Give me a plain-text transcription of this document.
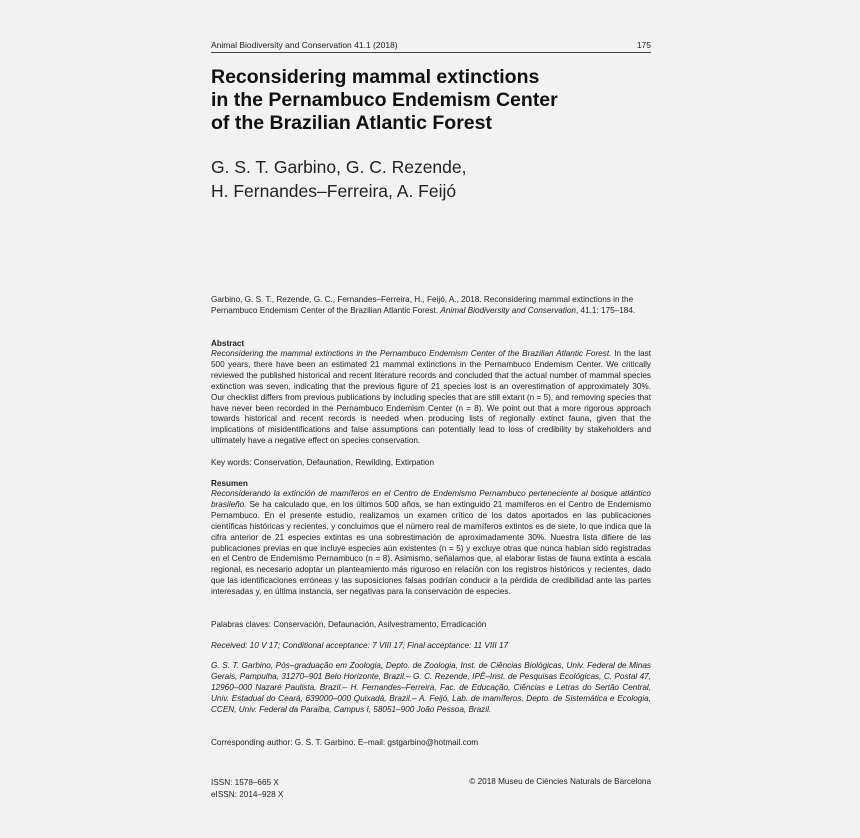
Animal Biodiversity and Conservation 41.1 (2018)	175
Reconsidering mammal extinctions
in the Pernambuco Endemism Center
of the Brazilian Atlantic Forest
G. S. T. Garbino, G. C. Rezende,
H. Fernandes–Ferreira, A. Feijó
Garbino, G. S. T., Rezende, G. C., Fernandes–Ferreira, H., Feijó, A., 2018. Reconsidering mammal extinctions in the Pernambuco Endemism Center of the Brazilian Atlantic Forest. Animal Biodiversity and Conservation, 41.1: 175–184.
Abstract

Reconsidering the mammal extinctions in the Pernambuco Endemism Center of the Brazilian Atlantic Forest. In the last 500 years, there have been an estimated 21 mammal extinctions in the Pernambuco Endemism Center. We critically reviewed the published historical and recent literature records and concluded that the actual number of mammal species extinction was seven, indicating that the previous figure of 21 species lost is an overestimation of approximately 30%. Our checklist differs from previous publications by including species that are still extant (n = 5), and removing species that have never been recorded in the Pernambuco Endemism Center (n = 8). We point out that a more rigorous approach towards historical and recent records is needed when producing lists of regionally extinct fauna, given that the implications of misidentifications and false assumptions can potentially lead to loss of credibility by stakeholders and ultimately have a negative effect on species conservation.

Key words: Conservation, Defaunation, Rewilding, Extirpation

Resumen

Reconsiderando la extinción de mamíferos en el Centro de Endemismo Pernambuco perteneciente al bosque atlántico brasileño. Se ha calculado que, en los últimos 500 años, se han extinguido 21 mamíferos en el Centro de Endemismo Pernambuco. En el presente estudio, realizamos un examen crítico de los datos aportados en las publicaciones científicas históricas y recientes, y concluimos que el número real de mamíferos extintos es de siete, lo que indica que la cifra anterior de 21 especies extintas es una sobrestimación de aproximadamente 30%. Nuestra lista difiere de las publicaciones previas en que incluye especies aún existentes (n = 5) y excluye otras que nunca habían sido registradas en el Centro de Endemismo Pernambuco (n = 8). Asimismo, señalamos que, al elaborar listas de fauna extinta a escala regional, es necesario adoptar un planteamiento más riguroso en relación con los registros históricos y recientes, dado que las identificaciones erróneas y las suposiciones falsas podrían conducir a la pérdida de credibilidad ante las partes interesadas y, en última instancia, ser negativas para la conservación de especies.

Palabras claves: Conservación, Defaunación, Asilvestramento, Erradicación

Received: 10 V 17; Conditional acceptance: 7 VIII 17; Final acceptance: 11 VIII 17

G. S. T. Garbino, Pós–graduação em Zoologia, Depto. de Zoologia, Inst. de Ciências Biológicas, Univ. Federal de Minas Gerais, Pampulha, 31270–901 Belo Horizonte, Brazil.– G. C. Rezende, IPÊ–Inst. de Pesquisas Ecológicas, C. Postal 47, 12960–000 Nazaré Paulista, Brazil.– H. Fernandes–Ferreira, Fac. de Educação, Ciências e Letras do Sertão Central, Univ. Estadual do Ceará, 639000–000 Quixadá, Brazil.– A. Feijó, Lab. de mamíferos, Depto. de Sistemática e Ecologia, CCEN, Univ. Federal da Paraíba, Campus I, 58051–900 João Pessoa, Brazil.

Corresponding author: G. S. T. Garbino. E–mail: gstgarbino@hotmail.com

ISSN: 1578–665 X
eISSN: 2014–928 X
© 2018 Museu de Ciències Naturals de Barcelona
